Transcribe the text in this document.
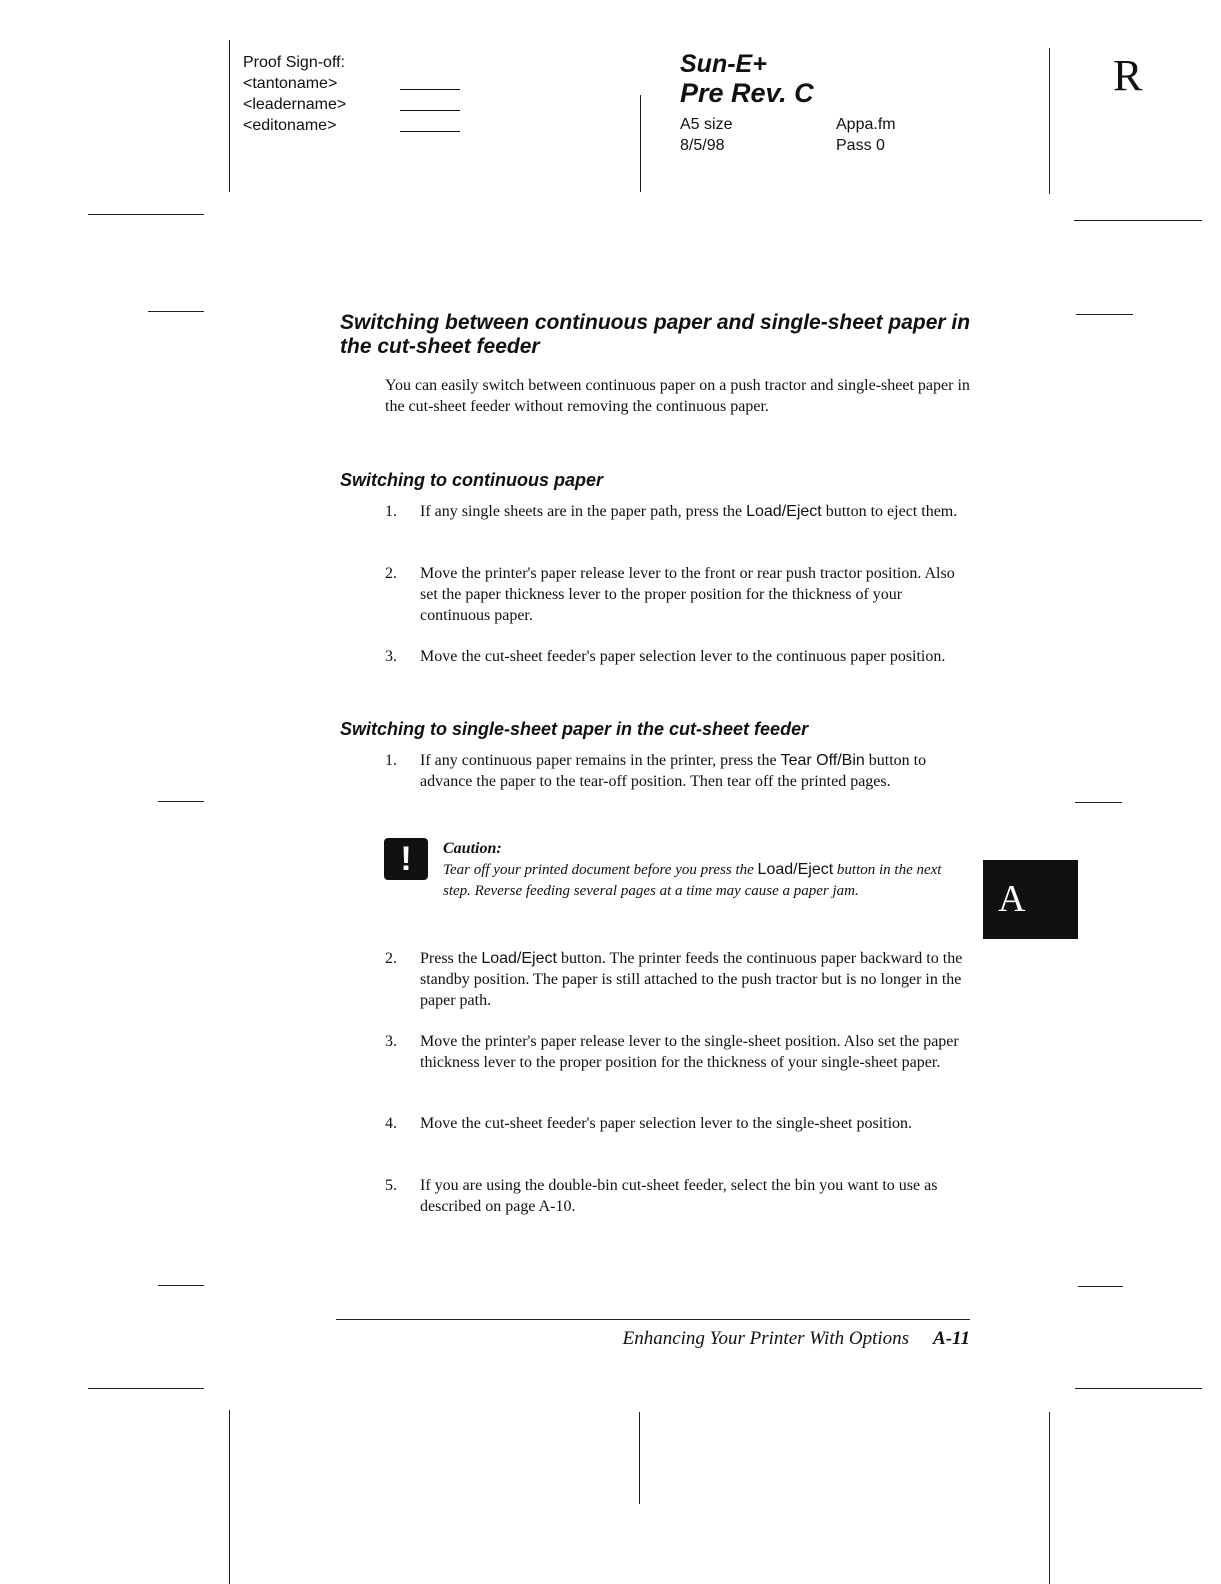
Proof Sign-off:
<tantoname>
<leadername>
<editoname>
Sun-E+
Pre Rev. C
A5 size	Appa.fm
8/5/98	Pass 0
R
Switching between continuous paper and single-sheet paper in the cut-sheet feeder
You can easily switch between continuous paper on a push tractor and single-sheet paper in the cut-sheet feeder without removing the continuous paper.
Switching to continuous paper
1.	If any single sheets are in the paper path, press the Load/Eject button to eject them.
2.	Move the printer's paper release lever to the front or rear push tractor position. Also set the paper thickness lever to the proper position for the thickness of your continuous paper.
3.	Move the cut-sheet feeder's paper selection lever to the continuous paper position.
Switching to single-sheet paper in the cut-sheet feeder
1.	If any continuous paper remains in the printer, press the Tear Off/Bin button to advance the paper to the tear-off position. Then tear off the printed pages.
!	Caution:
Tear off your printed document before you press the Load/Eject button in the next step. Reverse feeding several pages at a time may cause a paper jam.
2.	Press the Load/Eject button. The printer feeds the continuous paper backward to the standby position. The paper is still attached to the push tractor but is no longer in the paper path.
3.	Move the printer's paper release lever to the single-sheet position. Also set the paper thickness lever to the proper position for the thickness of your single-sheet paper.
4.	Move the cut-sheet feeder's paper selection lever to the single-sheet position.
5.	If you are using the double-bin cut-sheet feeder, select the bin you want to use as described on page A-10.
A
Enhancing Your Printer With Options A-11
